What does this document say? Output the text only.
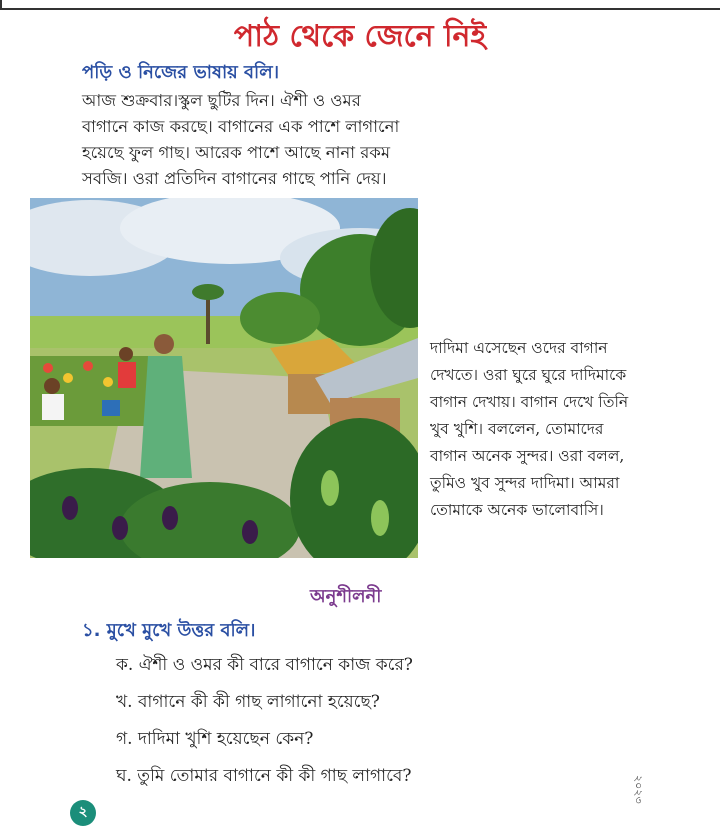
পাঠ থেকে জেনে নিই
পড়ি ও নিজের ভাষায় বলি।
আজ শুক্রবার।স্কুল ছুটির দিন। ঐশী ও ওমর
বাগানে কাজ করছে। বাগানের এক পাশে লাগানো
হয়েছে ফুল গাছ। আরেক পাশে আছে নানা রকম
সবজি। ওরা প্রতিদিন বাগানের গাছে পানি দেয়।
দাদিমা এসেছেন ওদের বাগান
দেখতে। ওরা ঘুরে ঘুরে দাদিমাকে
বাগান দেখায়। বাগান দেখে তিনি
খুব খুশি। বললেন, তোমাদের
বাগান অনেক সুন্দর। ওরা বলল,
তুমিও খুব সুন্দর দাদিমা। আমরা
তোমাকে অনেক ভালোবাসি।
অনুশীলনী
১. মুখে মুখে উত্তর বলি।
ক. ঐশী ও ওমর কী বারে বাগানে কাজ করে?
খ. বাগানে কী কী গাছ লাগানো হয়েছে?
গ. দাদিমা খুশি হয়েছেন কেন?
ঘ. তুমি তোমার বাগানে কী কী গাছ লাগাবে?
২
২০২৩
